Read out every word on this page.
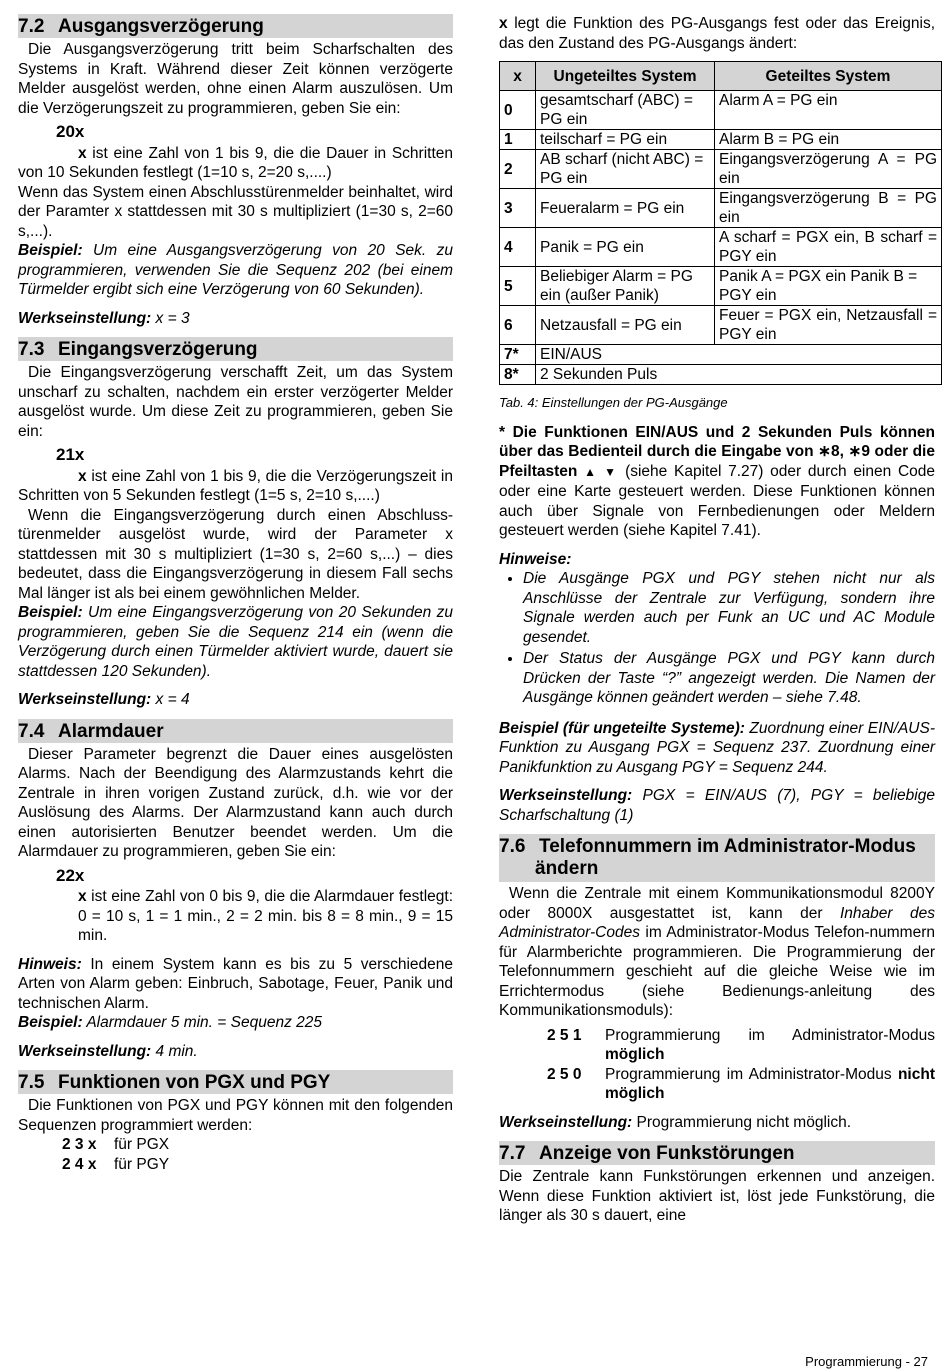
7.2 Ausgangsverzögerung

Die Ausgangsverzögerung tritt beim Scharfschalten des Systems in Kraft. Während dieser Zeit können verzögerte Melder ausgelöst werden, ohne einen Alarm auszulösen. Um die Verzögerungszeit zu programmieren, geben Sie ein:

20x

x ist eine Zahl von 1 bis 9, die die Dauer in Schritten von 10 Sekunden festlegt (1=10 s, 2=20 s,....)

Wenn das System einen Abschlusstürenmelder beinhaltet, wird der Paramter x stattdessen mit 30 s multipliziert (1=30 s, 2=60 s,...).

Beispiel: Um eine Ausgangsverzögerung von 20 Sek. zu programmieren, verwenden Sie die Sequenz 202 (bei einem Türmelder ergibt sich eine Verzögerung von 60 Sekunden).

Werkseinstellung: x = 3

7.3 Eingangsverzögerung

Die Eingangsverzögerung verschafft Zeit, um das System unscharf zu schalten, nachdem ein erster verzögerter Melder ausgelöst wurde. Um diese Zeit zu programmieren, geben Sie ein:

21x

x ist eine Zahl von 1 bis 9, die die Verzögerungszeit in Schritten von 5 Sekunden festlegt (1=5 s, 2=10 s,....)

Wenn die Eingangsverzögerung durch einen Abschluss-türenmelder ausgelöst wurde, wird der Parameter x stattdessen mit 30 s multipliziert (1=30 s, 2=60 s,...) – dies bedeutet, dass die Eingangsverzögerung in diesem Fall sechs Mal länger ist als bei einem gewöhnlichen Melder.

Beispiel: Um eine Eingangsverzögerung von 20 Sekunden zu programmieren, geben Sie die Sequenz 214 ein (wenn die Verzögerung durch einen Türmelder aktiviert wurde, dauert sie stattdessen 120 Sekunden).

Werkseinstellung: x = 4

7.4 Alarmdauer

Dieser Parameter begrenzt die Dauer eines ausgelösten Alarms. Nach der Beendigung des Alarmzustands kehrt die Zentrale in ihren vorigen Zustand zurück, d.h. wie vor der Auslösung des Alarms. Der Alarmzustand kann auch durch einen autorisierten Benutzer beendet werden. Um die Alarmdauer zu programmieren, geben Sie ein:

22x

x ist eine Zahl von 0 bis 9, die die Alarmdauer festlegt: 0 = 10 s, 1 = 1 min., 2 = 2 min. bis 8 = 8 min., 9 = 15 min.

Hinweis: In einem System kann es bis zu 5 verschiedene Arten von Alarm geben: Einbruch, Sabotage, Feuer, Panik und technischen Alarm.

Beispiel: Alarmdauer 5 min. = Sequenz 225

Werkseinstellung: 4 min.

7.5 Funktionen von PGX und PGY

Die Funktionen von PGX und PGY können mit den folgenden Sequenzen programmiert werden:

2 3 x für PGX
2 4 x für PGY

x legt die Funktion des PG-Ausgangs fest oder das Ereignis, das den Zustand des PG-Ausgangs ändert:

x	Ungeteiltes System	Geteiltes System
0	gesamtscharf (ABC) = PG ein	Alarm A = PG ein
1	teilscharf = PG ein	Alarm B = PG ein
2	AB scharf (nicht ABC) = PG ein	Eingangsverzögerung A = PG ein
3	Feueralarm = PG ein	Eingangsverzögerung B = PG ein
4	Panik = PG ein	A scharf = PGX ein, B scharf = PGY ein
5	Beliebiger Alarm = PG ein (außer Panik)	Panik A = PGX ein Panik B = PGY ein
6	Netzausfall = PG ein	Feuer = PGX ein, Netzausfall = PGY ein
7*	EIN/AUS	
8*	2 Sekunden Puls	
Tab. 4: Einstellungen der PG-Ausgänge

* Die Funktionen EIN/AUS und 2 Sekunden Puls können über das Bedienteil durch die Eingabe von ∗8, ∗9 oder die Pfeiltasten ▲ ▼ (siehe Kapitel 7.27) oder durch einen Code oder eine Karte gesteuert werden. Diese Funktionen können auch über Signale von Fernbedienungen oder Meldern gesteuert werden (siehe Kapitel 7.41).

Hinweise:

• Die Ausgänge PGX und PGY stehen nicht nur als Anschlüsse der Zentrale zur Verfügung, sondern ihre Signale werden auch per Funk an UC und AC Module gesendet.
• Der Status der Ausgänge PGX und PGY kann durch Drücken der Taste “?” angezeigt werden. Die Namen der Ausgänge können geändert werden – siehe 7.48.

Beispiel (für ungeteilte Systeme): Zuordnung einer EIN/AUS-Funktion zu Ausgang PGX = Sequenz 237. Zuordnung einer Panikfunktion zu Ausgang PGY = Sequenz 244.

Werkseinstellung: PGX = EIN/AUS (7), PGY = beliebige Scharfschaltung (1)

7.6 Telefonnummern im Administrator-Modus
ändern

Wenn die Zentrale mit einem Kommunikationsmodul 8200Y oder 8000X ausgestattet ist, kann der Inhaber des Administrator-Codes im Administrator-Modus Telefon-nummern für Alarmberichte programmieren. Die Programmierung der Telefonnummern geschieht auf die gleiche Weise wie im Errichtermodus (siehe Bedienungs-anleitung des Kommunikationsmoduls):

2 5 1	Programmierung im Administrator-Modus möglich
2 5 0	Programmierung im Administrator-Modus nicht möglich

Werkseinstellung: Programmierung nicht möglich.

7.7 Anzeige von Funkstörungen

Die Zentrale kann Funkstörungen erkennen und anzeigen. Wenn diese Funktion aktiviert ist, löst jede Funkstörung, die länger als 30 s dauert, eine

Programmierung - 27
